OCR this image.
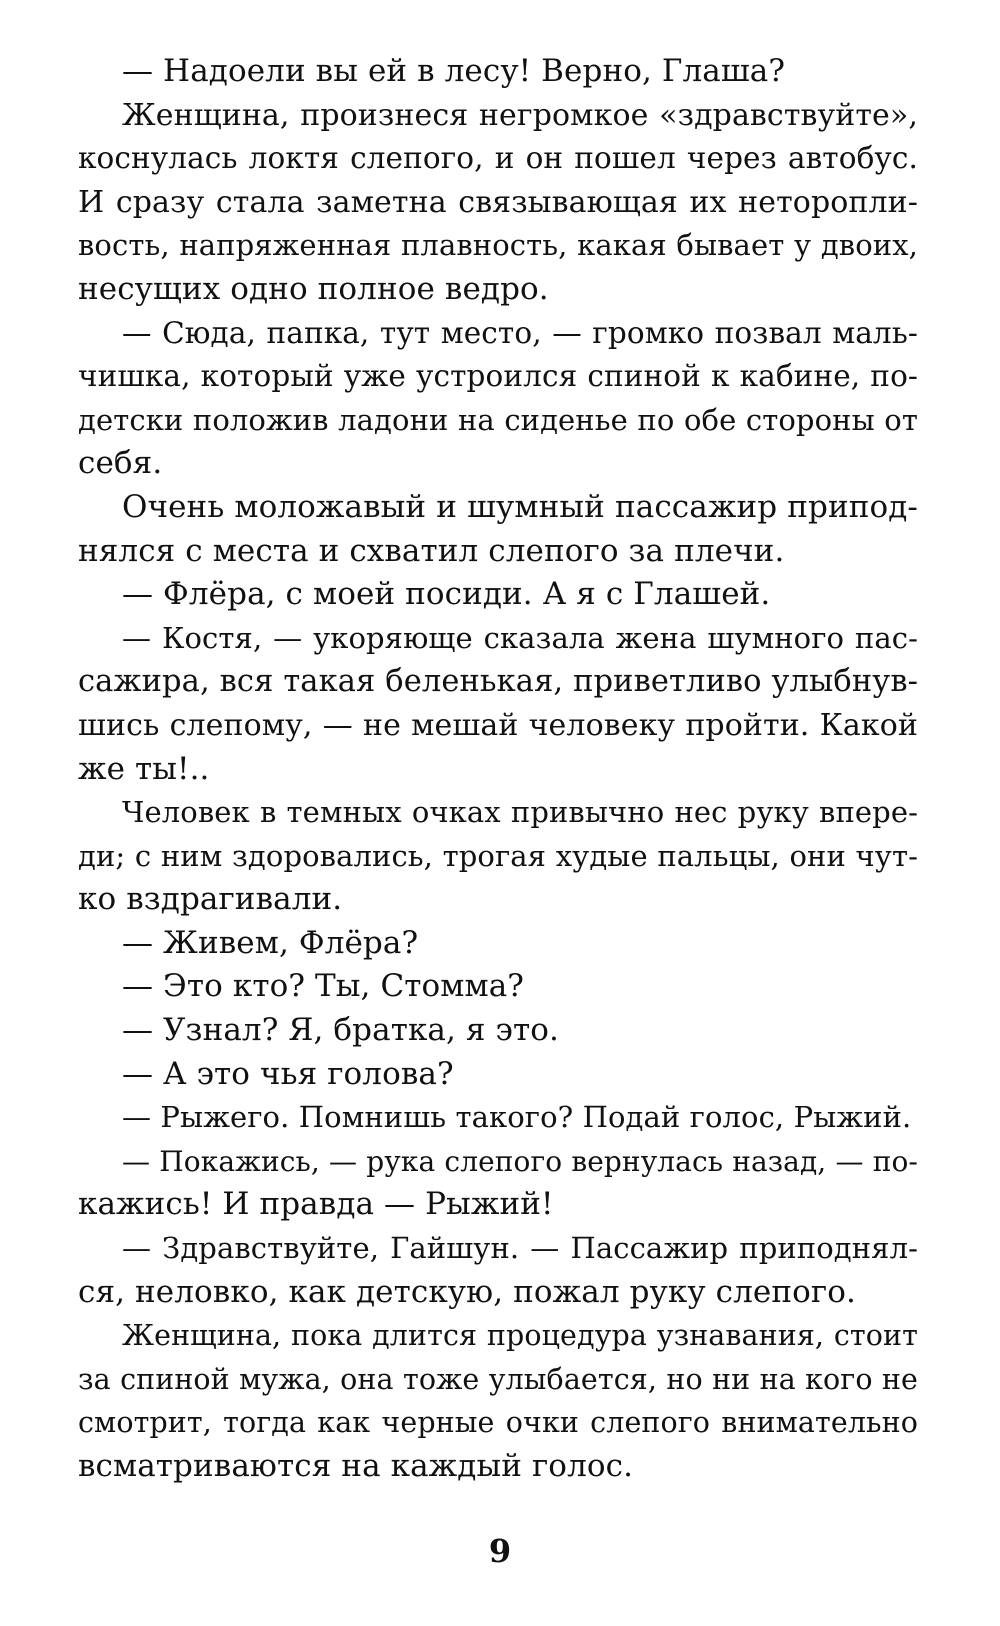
— Надоели вы ей в лесу! Верно, Глаша?
Женщина, произнеся негромкое «здравствуйте»,
коснулась локтя слепого, и он пошел через автобус.
И сразу стала заметна связывающая их неторопли-
вость, напряженная плавность, какая бывает у двоих,
несущих одно полное ведро.
— Сюда, папка, тут место, — громко позвал маль-
чишка, который уже устроился спиной к кабине, по-
детски положив ладони на сиденье по обе стороны от
себя.
Очень моложавый и шумный пассажир припод-
нялся с места и схватил слепого за плечи.
— Флёра, с моей посиди. А я с Глашей.
— Костя, — укоряюще сказала жена шумного пас-
сажира, вся такая беленькая, приветливо улыбнув-
шись слепому, — не мешай человеку пройти. Какой
же ты!..
Человек в темных очках привычно нес руку впере-
ди; с ним здоровались, трогая худые пальцы, они чут-
ко вздрагивали.
— Живем, Флёра?
— Это кто? Ты, Стомма?
— Узнал? Я, братка, я это.
— А это чья голова?
— Рыжего. Помнишь такого? Подай голос, Рыжий.
— Покажись, — рука слепого вернулась назад, — по-
кажись! И правда — Рыжий!
— Здравствуйте, Гайшун. — Пассажир приподнял-
ся, неловко, как детскую, пожал руку слепого.
Женщина, пока длится процедура узнавания, стоит
за спиной мужа, она тоже улыбается, но ни на кого не
смотрит, тогда как черные очки слепого внимательно
всматриваются на каждый голос.
9
